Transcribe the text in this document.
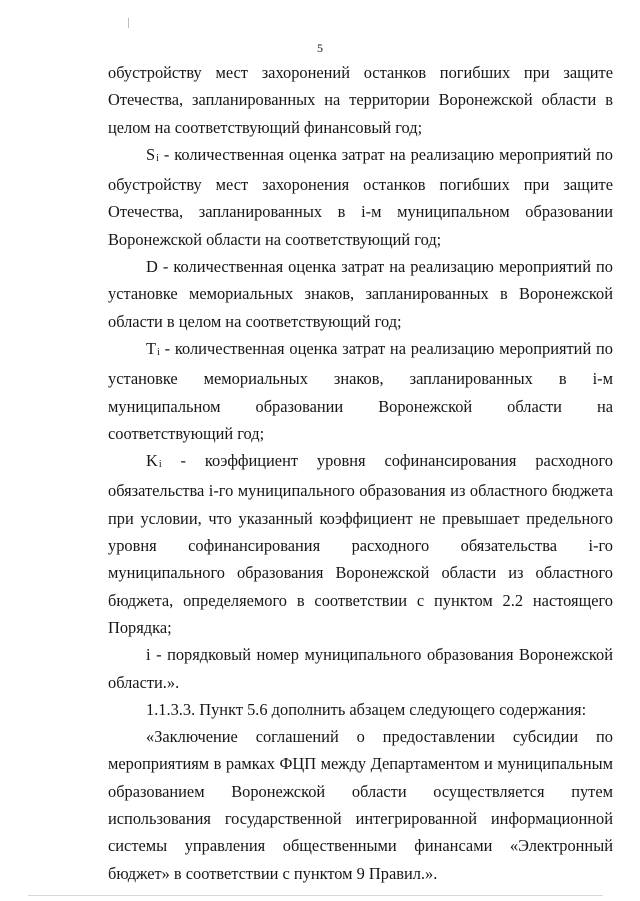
5

обустройству мест захоронений останков погибших при защите Отечества, запланированных на территории Воронежской области в целом на соответствующий финансовый год;

Si - количественная оценка затрат на реализацию мероприятий по обустройству мест захоронения останков погибших при защите Отечества, запланированных в i-м муниципальном образовании Воронежской области на соответствующий год;

D - количественная оценка затрат на реализацию мероприятий по установке мемориальных знаков, запланированных в Воронежской области в целом на соответствующий год;

Ti - количественная оценка затрат на реализацию мероприятий по установке мемориальных знаков, запланированных в i-м муниципальном образовании Воронежской области на соответствующий год;

Ki - коэффициент уровня софинансирования расходного обязательства i-го муниципального образования из областного бюджета при условии, что указанный коэффициент не превышает предельного уровня софинансирования расходного обязательства i-го муниципального образования Воронежской области из областного бюджета, определяемого в соответствии с пунктом 2.2 настоящего Порядка;

i - порядковый номер муниципального образования Воронежской области.».

1.1.3.3. Пункт 5.6 дополнить абзацем следующего содержания:

«Заключение соглашений о предоставлении субсидии по мероприятиям в рамках ФЦП между Департаментом и муниципальным образованием Воронежской области осуществляется путем использования государственной интегрированной информационной системы управления общественными финансами «Электронный бюджет» в соответствии с пунктом 9 Правил.».
